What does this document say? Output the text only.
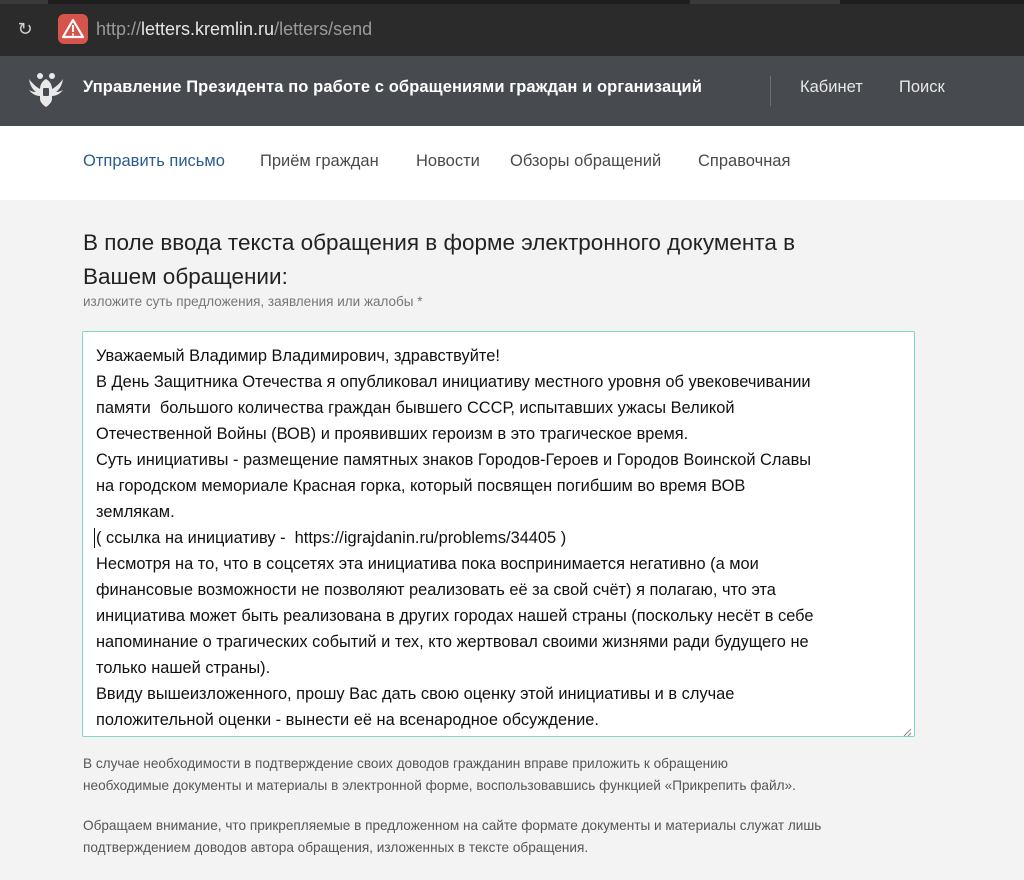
↻	http://letters.kremlin.ru/letters/send
Управление Президента по работе с обращениями граждан и организаций	Кабинет Поиск
Отправить письмо Приём граждан Новости Обзоры обращений Справочная
В поле ввода текста обращения в форме электронного документа в
Вашем обращении:
изложите суть предложения, заявления или жалобы *

Уважаемый Владимир Владимирович, здравствуйте!

В День Защитника Отечества я опубликовал инициативу местного уровня об увековечивании

памяти  большого количества граждан бывшего СССР, испытавших ужасы Великой

Отечественной Войны (ВОВ) и проявивших героизм в это трагическое время.

Суть инициативы - размещение памятных знаков Городов-Героев и Городов Воинской Славы

на городском мемориале Красная горка, который посвящен погибшим во время ВОВ

землякам.

( ссылка на инициативу -  https://igrajdanin.ru/problems/34405 )

Несмотря на то, что в соцсетях эта инициатива пока воспринимается негативно (а мои

финансовые возможности не позволяют реализовать её за свой счёт) я полагаю, что эта

инициатива может быть реализована в других городах нашей страны (поскольку несёт в себе

напоминание о трагических событий и тех, кто жертвовал своими жизнями ради будущего не

только нашей страны).

Ввиду вышеизложенного, прошу Вас дать свою оценку этой инициативы и в случае

положительной оценки - вынести её на всенародное обсуждение.

В случае необходимости в подтверждение своих доводов гражданин вправе приложить к обращению
необходимые документы и материалы в электронной форме, воспользовавшись функцией «Прикрепить файл».
Обращаем внимание, что прикрепляемые в предложенном на сайте формате документы и материалы служат лишь
подтверждением доводов автора обращения, изложенных в тексте обращения.
